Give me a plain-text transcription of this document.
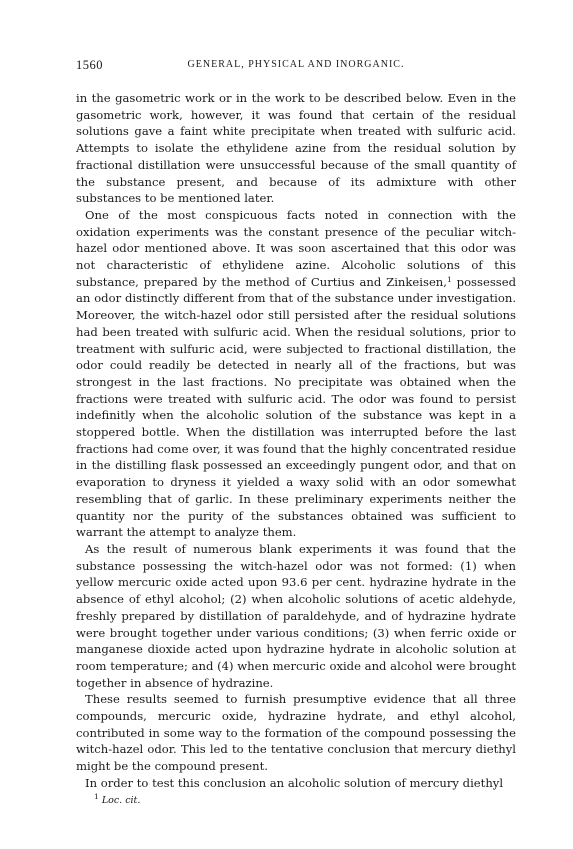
1560	GENERAL, PHYSICAL AND INORGANIC.

in the gasometric work or in the work to be described below. Even in the gasometric work, however, it was found that certain of the residual solutions gave a faint white precipitate when treated with sulfuric acid. Attempts to isolate the ethylidene azine from the residual solution by fractional distillation were unsuccessful because of the small quantity of the substance present, and because of its admixture with other substances to be mentioned later.

One of the most conspicuous facts noted in connection with the oxidation experiments was the constant presence of the peculiar witch-hazel odor mentioned above. It was soon ascertained that this odor was not characteristic of ethylidene azine. Alcoholic solutions of this substance, prepared by the method of Curtius and Zinkeisen,$^1$ possessed an odor distinctly different from that of the substance under investigation. Moreover, the witch-hazel odor still persisted after the residual solutions had been treated with sulfuric acid. When the residual solutions, prior to treatment with sulfuric acid, were subjected to fractional distillation, the odor could readily be detected in nearly all of the fractions, but was strongest in the last fractions. No precipitate was obtained when the fractions were treated with sulfuric acid. The odor was found to persist indefinitly when the alcoholic solution of the substance was kept in a stoppered bottle. When the distillation was interrupted before the last fractions had come over, it was found that the highly concentrated residue in the distilling flask possessed an exceedingly pungent odor, and that on evaporation to dryness it yielded a waxy solid with an odor somewhat resembling that of garlic. In these preliminary experiments neither the quantity nor the purity of the substances obtained was sufficient to warrant the attempt to analyze them.

As the result of numerous blank experiments it was found that the substance possessing the witch-hazel odor was not formed: (1) when yellow mercuric oxide acted upon 93.6 per cent. hydrazine hydrate in the absence of ethyl alcohol; (2) when alcoholic solutions of acetic aldehyde, freshly prepared by distillation of paraldehyde, and of hydrazine hydrate were brought together under various conditions; (3) when ferric oxide or manganese dioxide acted upon hydrazine hydrate in alcoholic solution at room temperature; and (4) when mercuric oxide and alcohol were brought together in absence of hydrazine.

These results seemed to furnish presumptive evidence that all three compounds, mercuric oxide, hydrazine hydrate, and ethyl alcohol, contributed in some way to the formation of the compound possessing the witch-hazel odor. This led to the tentative conclusion that mercury diethyl might be the compound present.

In order to test this conclusion an alcoholic solution of mercury diethyl

$^1$ Loc. cit.
